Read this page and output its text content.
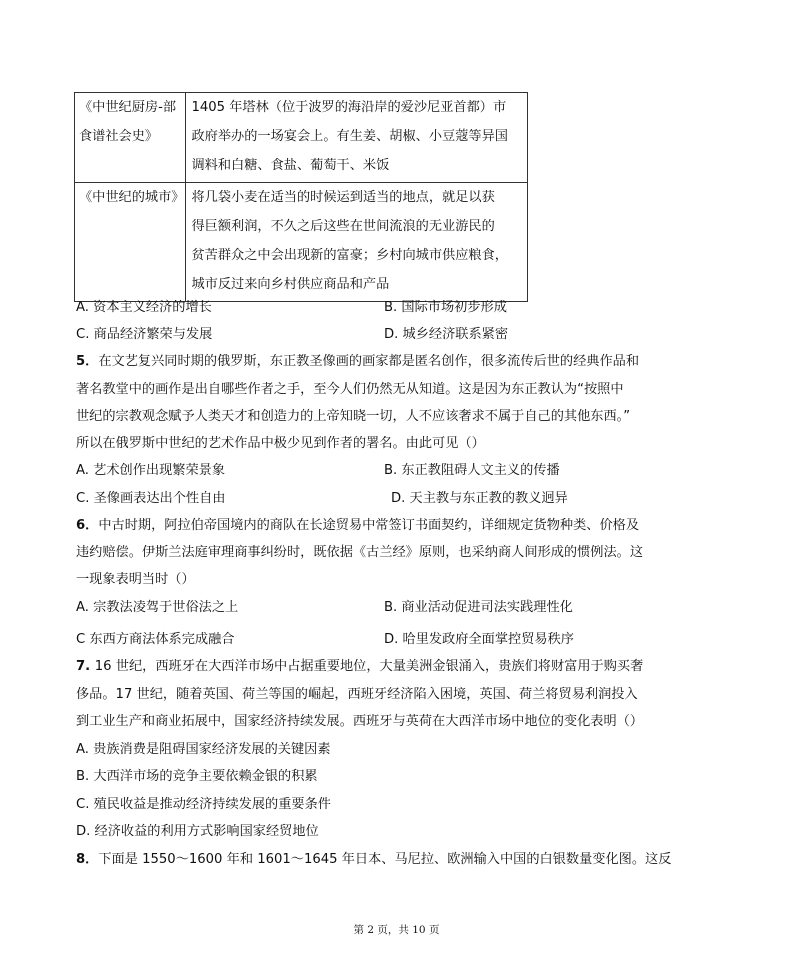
《中世纪厨房-部食谱社会史》	1405 年塔林（位于波罗的海沿岸的爱沙尼亚首都）市
政府举办的一场宴会上。有生姜、胡椒、小豆蔻等异国
调料和白糖、食盐、葡萄干、米饭

《中世纪的城市》	将几袋小麦在适当的时候运到适当的地点，就足以获
得巨额利润，不久之后这些在世间流浪的无业游民的
贫苦群众之中会出现新的富豪；乡村向城市供应粮食，
城市反过来向乡村供应商品和产品
A. 资本主义经济的增长	B. 国际市场初步形成
C. 商品经济繁荣与发展	D. 城乡经济联系紧密
5．在文艺复兴同时期的俄罗斯，东正教圣像画的画家都是匿名创作，很多流传后世的经典作品和
著名教堂中的画作是出自哪些作者之手，至今人们仍然无从知道。这是因为东正教认为“按照中
世纪的宗教观念赋予人类天才和创造力的上帝知晓一切，人不应该奢求不属于自己的其他东西。”
所以在俄罗斯中世纪的艺术作品中极少见到作者的署名。由此可见（）
A. 艺术创作出现繁荣景象	B. 东正教阻碍人文主义的传播
C. 圣像画表达出个性自由	D. 天主教与东正教的教义迥异
6．中古时期，阿拉伯帝国境内的商队在长途贸易中常签订书面契约，详细规定货物种类、价格及
违约赔偿。伊斯兰法庭审理商事纠纷时，既依据《古兰经》原则，也采纳商人间形成的惯例法。这
一现象表明当时（）
A. 宗教法凌驾于世俗法之上	B. 商业活动促进司法实践理性化
C 东西方商法体系完成融合	D. 哈里发政府全面掌控贸易秩序
7. 16 世纪，西班牙在大西洋市场中占据重要地位，大量美洲金银涌入，贵族们将财富用于购买奢
侈品。17 世纪，随着英国、荷兰等国的崛起，西班牙经济陷入困境，英国、荷兰将贸易利润投入
到工业生产和商业拓展中，国家经济持续发展。西班牙与英荷在大西洋市场中地位的变化表明（）
A. 贵族消费是阻碍国家经济发展的关键因素
B. 大西洋市场的竞争主要依赖金银的积累
C. 殖民收益是推动经济持续发展的重要条件
D. 经济收益的利用方式影响国家经贸地位
8．下面是 1550～1600 年和 1601～1645 年日本、马尼拉、欧洲输入中国的白银数量变化图。这反
第 2 页，共 10 页
